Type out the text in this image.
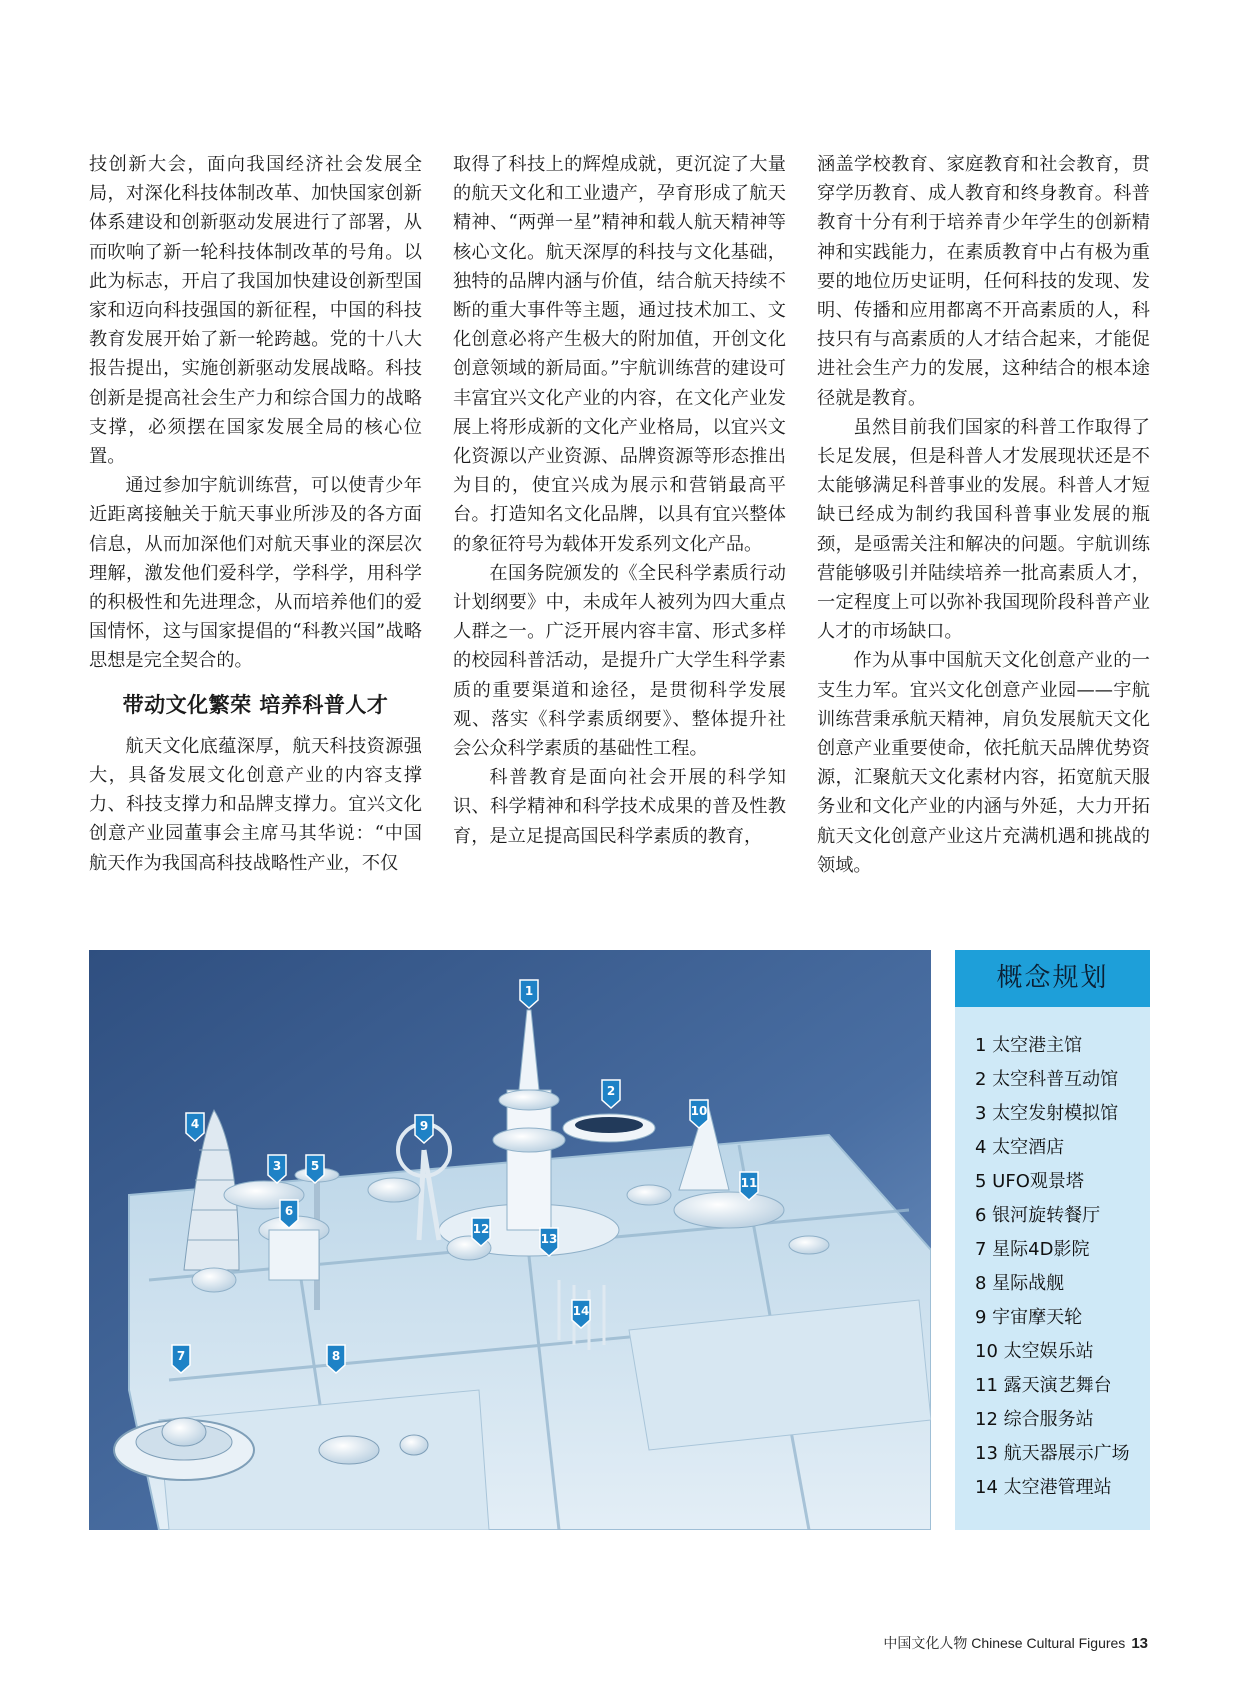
技创新大会，面向我国经济社会发展全局，对深化科技体制改革、加快国家创新体系建设和创新驱动发展进行了部署，从而吹响了新一轮科技体制改革的号角。以此为标志，开启了我国加快建设创新型国家和迈向科技强国的新征程，中国的科技教育发展开始了新一轮跨越。党的十八大报告提出，实施创新驱动发展战略。科技创新是提高社会生产力和综合国力的战略支撑，必须摆在国家发展全局的核心位置。

通过参加宇航训练营，可以使青少年近距离接触关于航天事业所涉及的各方面信息，从而加深他们对航天事业的深层次理解，激发他们爱科学，学科学，用科学的积极性和先进理念，从而培养他们的爱国情怀，这与国家提倡的“科教兴国”战略思想是完全契合的。

带动文化繁荣 培养科普人才

航天文化底蕴深厚，航天科技资源强大，具备发展文化创意产业的内容支撑力、科技支撑力和品牌支撑力。宜兴文化创意产业园董事会主席马其华说：“中国航天作为我国高科技战略性产业，不仅

取得了科技上的辉煌成就，更沉淀了大量的航天文化和工业遗产，孕育形成了航天精神、“两弹一星”精神和载人航天精神等核心文化。航天深厚的科技与文化基础，独特的品牌内涵与价值，结合航天持续不断的重大事件等主题，通过技术加工、文化创意必将产生极大的附加值，开创文化创意领域的新局面。”宇航训练营的建设可丰富宜兴文化产业的内容，在文化产业发展上将形成新的文化产业格局，以宜兴文化资源以产业资源、品牌资源等形态推出为目的，使宜兴成为展示和营销最高平台。打造知名文化品牌，以具有宜兴整体的象征符号为载体开发系列文化产品。

在国务院颁发的《全民科学素质行动计划纲要》中，未成年人被列为四大重点人群之一。广泛开展内容丰富、形式多样的校园科普活动，是提升广大学生科学素质的重要渠道和途径，是贯彻科学发展观、落实《科学素质纲要》、整体提升社会公众科学素质的基础性工程。

科普教育是面向社会开展的科学知识、科学精神和科学技术成果的普及性教育，是立足提高国民科学素质的教育，

涵盖学校教育、家庭教育和社会教育，贯穿学历教育、成人教育和终身教育。科普教育十分有利于培养青少年学生的创新精神和实践能力，在素质教育中占有极为重要的地位历史证明，任何科技的发现、发明、传播和应用都离不开高素质的人，科技只有与高素质的人才结合起来，才能促进社会生产力的发展，这种结合的根本途径就是教育。

虽然目前我们国家的科普工作取得了长足发展，但是科普人才发展现状还是不太能够满足科普事业的发展。科普人才短缺已经成为制约我国科普事业发展的瓶颈，是亟需关注和解决的问题。宇航训练营能够吸引并陆续培养一批高素质人才，一定程度上可以弥补我国现阶段科普产业人才的市场缺口。

作为从事中国航天文化创意产业的一支生力军。宜兴文化创意产业园——宇航训练营秉承航天精神，肩负发展航天文化创意产业重要使命，依托航天品牌优势资源，汇聚航天文化素材内容，拓宽航天服务业和文化产业的内涵与外延，大力开拓航天文化创意产业这片充满机遇和挑战的领域。

1
2
3
4
5
6
7	8
9
10
11
12
13
14
概念规划
1 太空港主馆
2 太空科普互动馆
3 太空发射模拟馆
4 太空酒店
5 UFO观景塔
6 银河旋转餐厅
7 星际4D影院
8 星际战舰
9 宇宙摩天轮
10 太空娱乐站
11 露天演艺舞台
12 综合服务站
13 航天器展示广场
14 太空港管理站
中国文化人物 Chinese Cultural Figures 13
